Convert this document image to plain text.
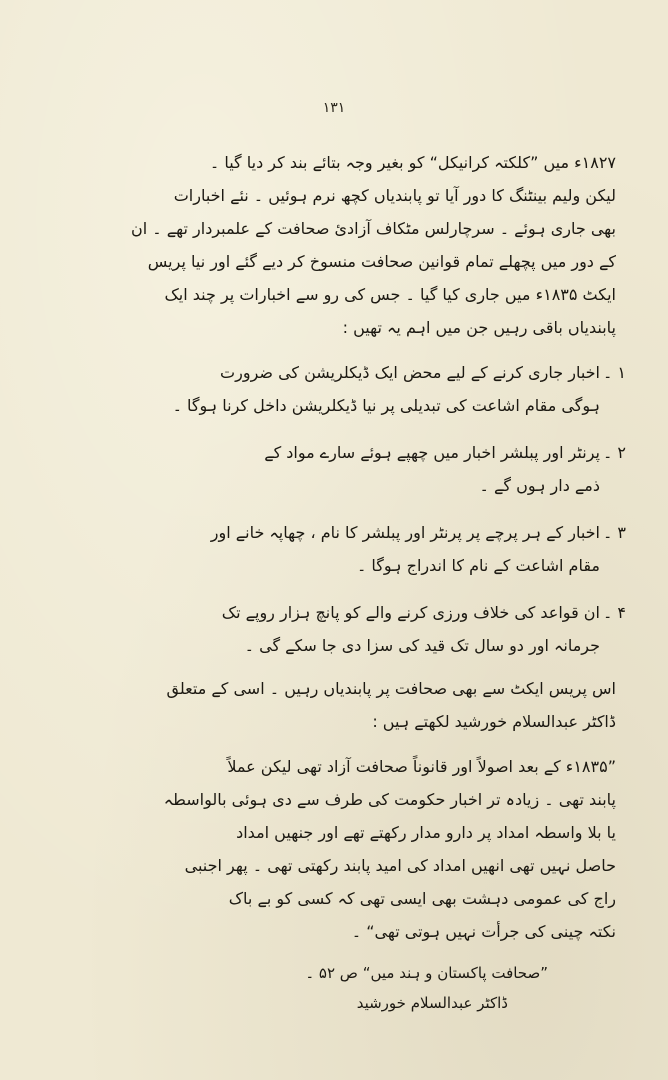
۱۳۱
۱۸۲۷ء میں ”کلکتہ کرانیکل“ کو بغیر وجہ بتائے بند کر دیا گیا ۔
لیکن ولیم بینٹنگ کا دور آیا تو پابندیاں کچھ نرم ہوئیں ۔ نئے اخبارات
بھی جاری ہوئے ۔ سرچارلس مٹکاف آزادیٔ صحافت کے علمبردار تھے ۔ ان
کے دور میں پچھلے تمام قوانین صحافت منسوخ کر دیے گئے اور نیا پریس
ایکٹ ۱۸۳۵ء میں جاری کیا گیا ۔ جس کی رو سے اخبارات پر چند ایک
پابندیاں باقی رہیں جن میں اہم یہ تھیں :
۱ ۔اخبار جاری کرنے کے لیے محض ایک ڈیکلریشن کی ضرورت
ہوگی مقام اشاعت کی تبدیلی پر نیا ڈیکلریشن داخل کرنا ہوگا ۔
۲ ۔پرنٹر اور پبلشر اخبار میں چھپے ہوئے سارے مواد کے
ذمے دار ہوں گے ۔
۳ ۔اخبار کے ہر پرچے پر پرنٹر اور پبلشر کا نام ، چھاپہ خانے اور
مقام اشاعت کے نام کا اندراج ہوگا ۔
۴ ۔ان قواعد کی خلاف ورزی کرنے والے کو پانچ ہزار روپے تک
جرمانہ اور دو سال تک قید کی سزا دی جا سکے گی ۔
اس پریس ایکٹ سے بھی صحافت پر پابندیاں رہیں ۔ اسی کے متعلق
ڈاکٹر عبدالسلام خورشید لکھتے ہیں :
”۱۸۳۵ء کے بعد اصولاً اور قانوناً صحافت آزاد تھی لیکن عملاً
پابند تھی ۔ زیادہ تر اخبار حکومت کی طرف سے دی ہوئی بالواسطہ
یا بلا واسطہ امداد پر دارو مدار رکھتے تھے اور جنھیں امداد
حاصل نہیں تھی انھیں امداد کی امید پابند رکھتی تھی ۔ پھر اجنبی
راج کی عمومی دہشت بھی ایسی تھی کہ کسی کو بے باک
نکتہ چینی کی جرأت نہیں ہوتی تھی“ ۔
”صحافت پاکستان و ہند میں“ ص ۵۲ ۔
ڈاکٹر عبدالسلام خورشید
